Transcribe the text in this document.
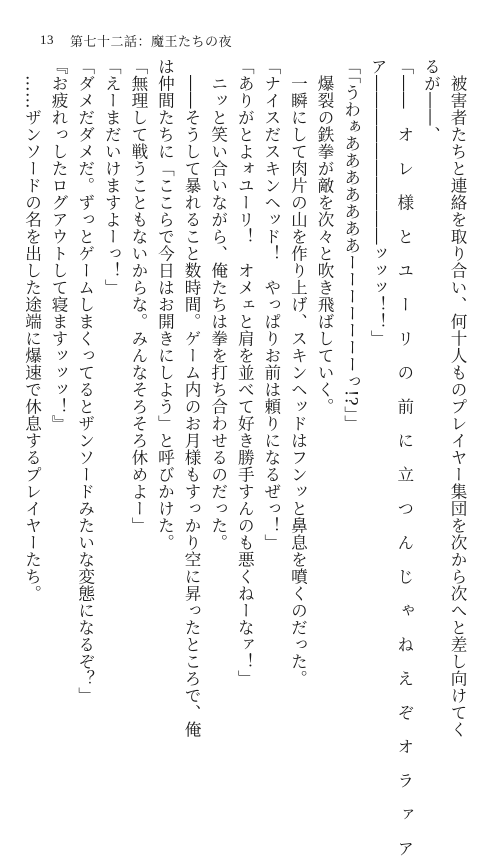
13 第七十二話：魔王たちの夜

　被害者たちと連絡を取り合い、何十人ものプレイヤー集団を次から次へと差し向けてく

るが――、

「――　オ　レ　様　と　ユ　ー　リ　の　前　に　立　つ　ん　じ　ゃ　ね　え　ぞ　オ　ラ　ァ　ア

ア――――――――――ッッッ！！」

「「うわぁあああああああーーーーーーーっ!?」」

　爆裂の鉄拳が敵を次々と吹き飛ばしていく。

　一瞬にして肉片の山を作り上げ、スキンヘッドはフンッと鼻息を噴くのだった。

「ナイスだスキンヘッド！　やっぱりお前は頼りになるぜっ！」

「ありがとよォユーリ！　オメェと肩を並べて好き勝手すんのも悪くねーなァ！」

　ニッと笑い合いながら、俺たちは拳を打ち合わせるのだった。

　――そうして暴れること数時間。ゲーム内のお月様もすっかり空に昇ったところで、俺

は仲間たちに「ここらで今日はお開きにしよう」と呼びかけた。

「無理して戦うこともないからな。みんなそろそろ休めよー」

「えーまだいけますよーっ！」

「ダメだダメだ。ずっとゲームしまくってるとザンソードみたいな変態になるぞ？」

『お疲れっしたログアウトして寝ますッッッ！』

　……ザンソードの名を出した途端に爆速で休息するプレイヤーたち。
